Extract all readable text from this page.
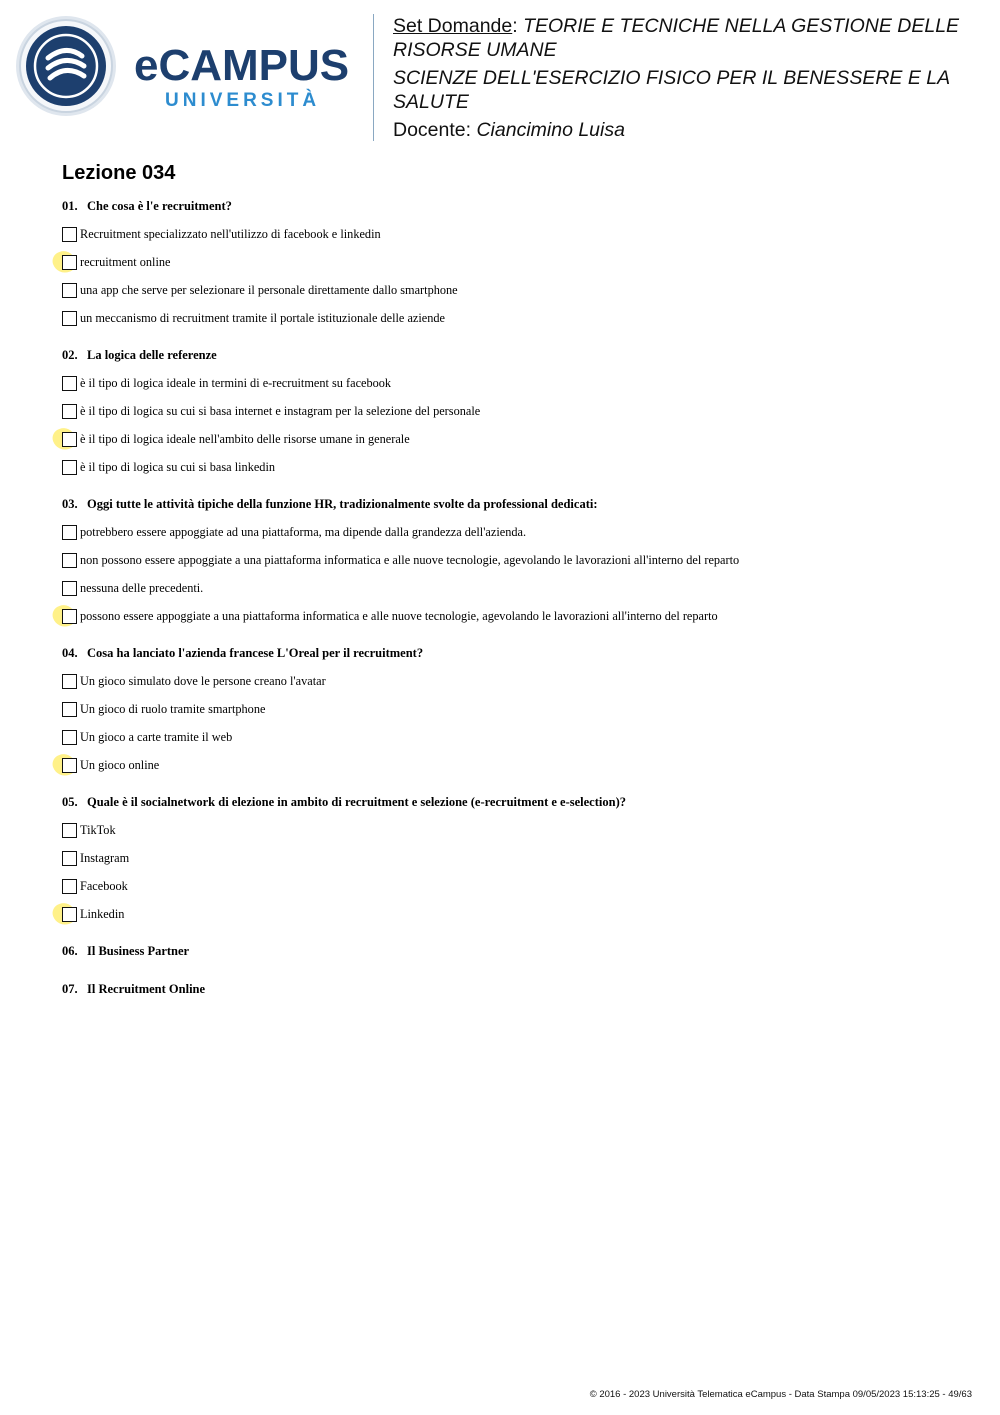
eCAMPUS
UNIVERSITÀ

Set Domande: TEORIE E TECNICHE NELLA GESTIONE DELLE

RISORSE UMANE

SCIENZE DELL'ESERCIZIO FISICO PER IL BENESSERE E LA

SALUTE

Docente: Ciancimino Luisa

Lezione 034
01. Che cosa è l'e recruitment?
Recruitment specializzato nell'utilizzo di facebook e linkedin
recruitment online
una app che serve per selezionare il personale direttamente dallo smartphone
un meccanismo di recruitment tramite il portale istituzionale delle aziende
02. La logica delle referenze
è il tipo di logica ideale in termini di e-recruitment su facebook
è il tipo di logica su cui si basa internet e instagram per la selezione del personale
è il tipo di logica ideale nell'ambito delle risorse umane in generale
è il tipo di logica su cui si basa linkedin
03. Oggi tutte le attività tipiche della funzione HR, tradizionalmente svolte da professional dedicati:
potrebbero essere appoggiate ad una piattaforma, ma dipende dalla grandezza dell'azienda.
non possono essere appoggiate a una piattaforma informatica e alle nuove tecnologie, agevolando le lavorazioni all'interno del reparto
nessuna delle precedenti.
possono essere appoggiate a una piattaforma informatica e alle nuove tecnologie, agevolando le lavorazioni all'interno del reparto
04. Cosa ha lanciato l'azienda francese L'Oreal per il recruitment?
Un gioco simulato dove le persone creano l'avatar
Un gioco di ruolo tramite smartphone
Un gioco a carte tramite il web
Un gioco online
05. Quale è il socialnetwork di elezione in ambito di recruitment e selezione (e-recruitment e e-selection)?
TikTok
Instagram
Facebook
Linkedin
06. Il Business Partner
07. Il Recruitment Online
© 2016 - 2023 Università Telematica eCampus - Data Stampa 09/05/2023 15:13:25 - 49/63
